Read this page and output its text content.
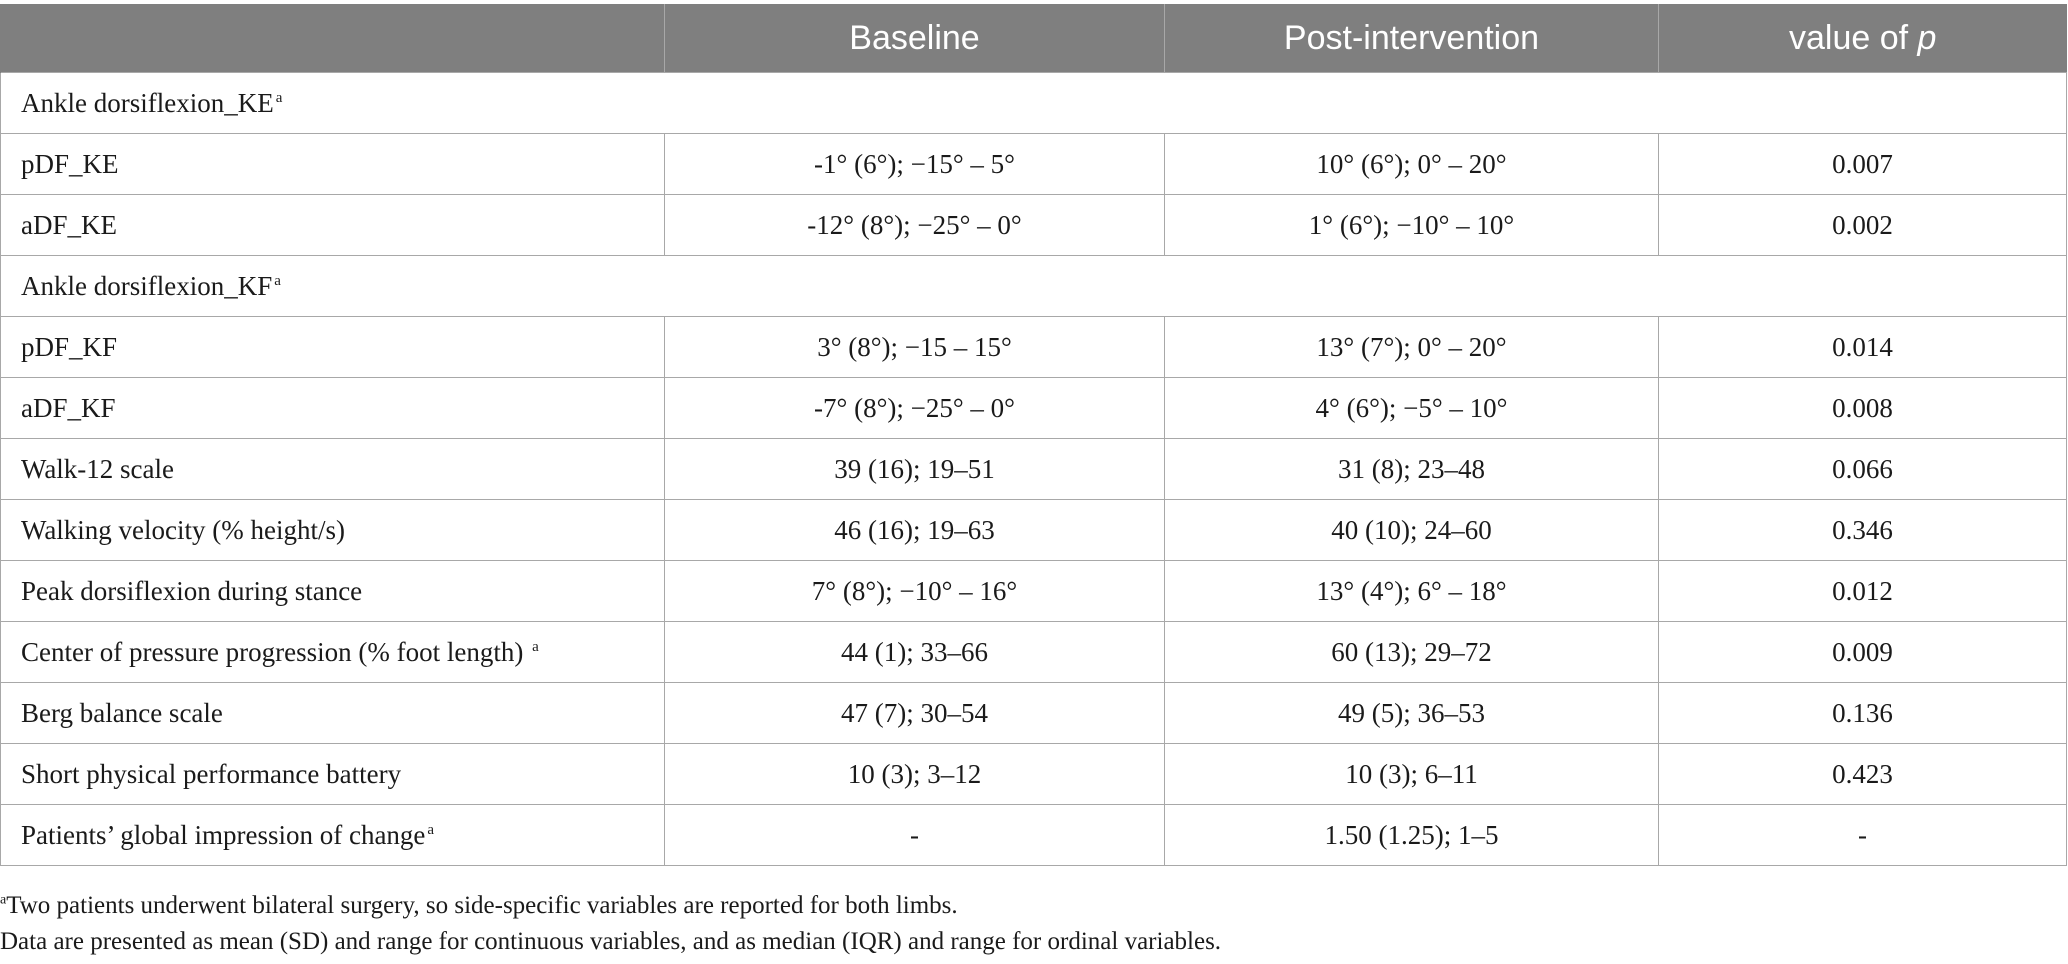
	Baseline	Post-intervention	value of p
Ankle dorsiflexion_KE $^a$
pDF_KE	-1° (6°); −15° – 5°	10° (6°); 0° – 20°	0.007
aDF_KE	-12° (8°); −25° – 0°	1° (6°); −10° – 10°	0.002
Ankle dorsiflexion_KF $^a$
pDF_KF	3° (8°); −15 – 15°	13° (7°); 0° – 20°	0.014
aDF_KF	-7° (8°); −25° – 0°	4° (6°); −5° – 10°	0.008
Walk-12 scale	39 (16); 19–51	31 (8); 23–48	0.066
Walking velocity (% height/s)	46 (16); 19–63	40 (10); 24–60	0.346
Peak dorsiflexion during stance	7° (8°); −10° – 16°	13° (4°); 6° – 18°	0.012
Center of pressure progression (% foot length) $^a$	44 (1); 33–66	60 (13); 29–72	0.009
Berg balance scale	47 (7); 30–54	49 (5); 36–53	0.136
Short physical performance battery	10 (3); 3–12	10 (3); 6–11	0.423
Patients’ global impression of change $^a$	-	1.50 (1.25); 1–5	-
$^a$Two patients underwent bilateral surgery, so side-specific variables are reported for both limbs.
Data are presented as mean (SD) and range for continuous variables, and as median (IQR) and range for ordinal variables.
